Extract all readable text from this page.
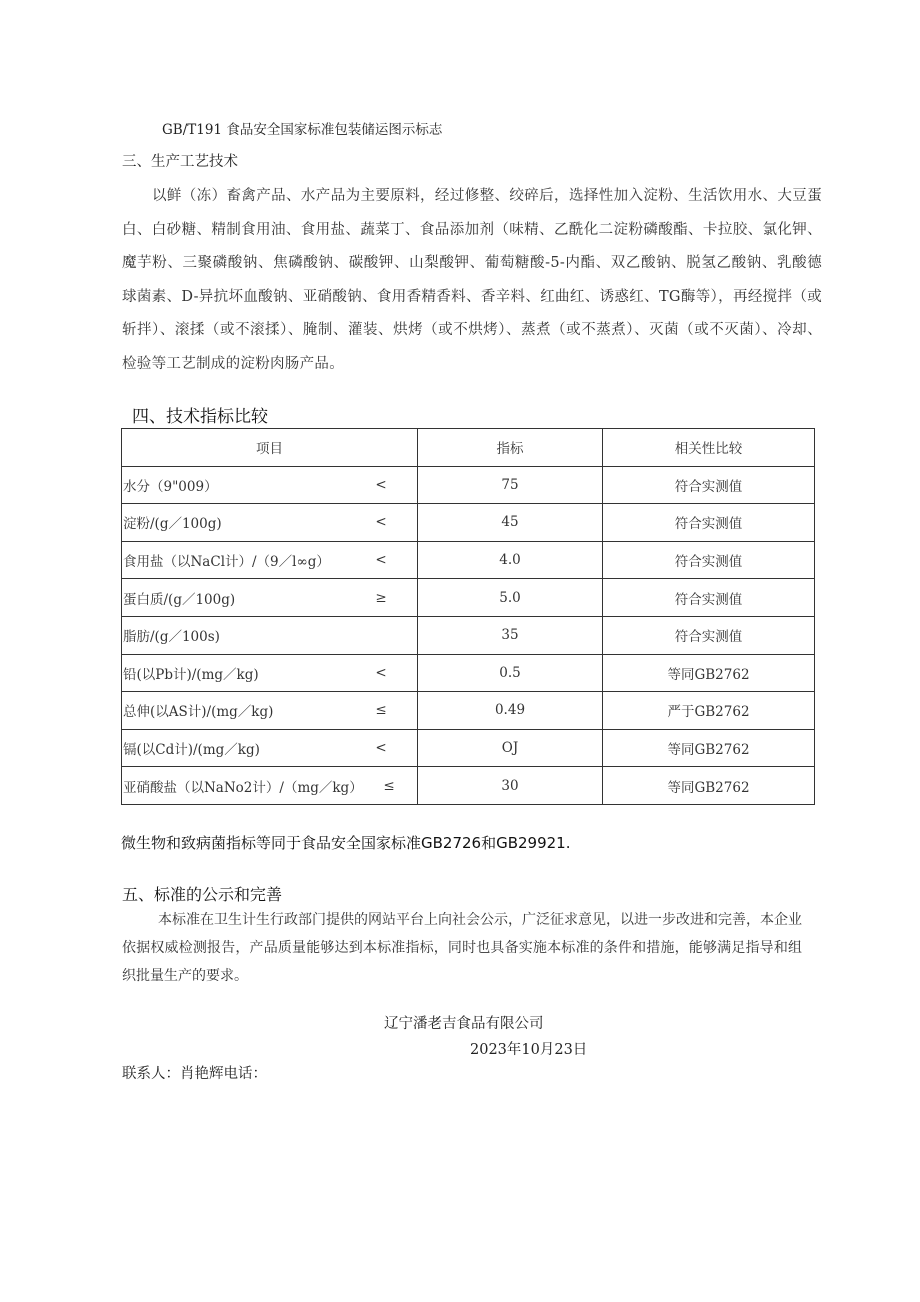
GB/T191 食品安全国家标准包装储运图示标志
三、生产工艺技术
以鲜（冻）畜禽产品、水产品为主要原料，经过修整、绞碎后，选择性加入淀粉、生活饮用水、大豆蛋白、白砂糖、精制食用油、食用盐、蔬菜丁、食品添加剂（味精、乙酰化二淀粉磷酸酯、卡拉胶、氯化钾、魔芋粉、三聚磷酸钠、焦磷酸钠、碳酸钾、山梨酸钾、葡萄糖酸-5-内酯、双乙酸钠、脱氢乙酸钠、乳酸德球菌素、D-异抗坏血酸钠、亚硝酸钠、食用香精香料、香辛料、红曲红、诱惑红、TG酶等），再经搅拌（或斩拌）、滚揉（或不滚揉）、腌制、灌装、烘烤（或不烘烤）、蒸煮（或不蒸煮）、灭菌（或不灭菌）、冷却、检验等工艺制成的淀粉肉肠产品。
四、技术指标比较
项目	指标	相关性比较

水分（9"009） <	75	符合实测值

淀粉/(g／100g) <	45	符合实测值

食用盐（以NaCl计）/（9／l∞g） <	4.0	符合实测值

蛋白质/(g／100g) ≥	5.0	符合实测值

脂肪/(g／100s)	35	符合实测值

铅(以Pb计)/(mg／kg) <	0.5	等同GB2762

总伸(以AS计)/(mg／kg) ≤	0.49	严于GB2762

镉(以Cd计)/(mg／kg) <	OJ	等同GB2762

亚硝酸盐（以NaNo2计）/（mg／kg） ≤	30	等同GB2762
微生物和致病菌指标等同于食品安全国家标准GB2726和GB29921.
五、标准的公示和完善
本标准在卫生计生行政部门提供的网站平台上向社会公示，广泛征求意见，以进一步改进和完善，本企业依据权威检测报告，产品质量能够达到本标准指标，同时也具备实施本标准的条件和措施，能够满足指导和组织批量生产的要求。
辽宁潘老吉食品有限公司
2023年10月23日
联系人：肖艳辉电话：
